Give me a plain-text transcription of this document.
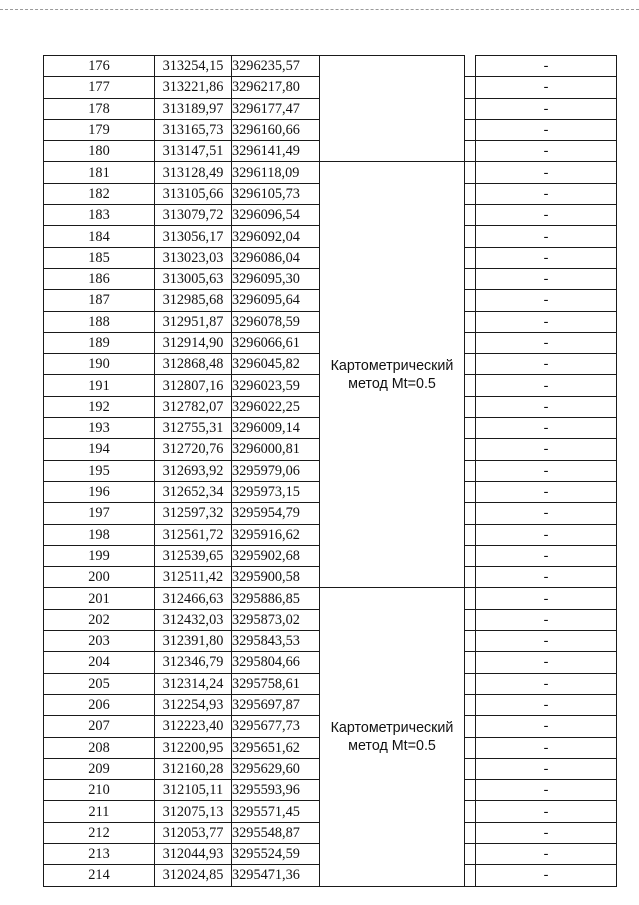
176	313254,15	3296235,57			-
177	313221,86	3296217,80			-
178	313189,97	3296177,47			-
179	313165,73	3296160,66			-
180	313147,51	3296141,49			-
181	313128,49	3296118,09	Картометрический
метод Mt=0.5		-
182	313105,66	3296105,73			-
183	313079,72	3296096,54			-
184	313056,17	3296092,04			-
185	313023,03	3296086,04			-
186	313005,63	3296095,30			-
187	312985,68	3296095,64			-
188	312951,87	3296078,59			-
189	312914,90	3296066,61			-
190	312868,48	3296045,82			-
191	312807,16	3296023,59			-
192	312782,07	3296022,25			-
193	312755,31	3296009,14			-
194	312720,76	3296000,81			-
195	312693,92	3295979,06			-
196	312652,34	3295973,15			-
197	312597,32	3295954,79			-
198	312561,72	3295916,62			-
199	312539,65	3295902,68			-
200	312511,42	3295900,58			-
201	312466,63	3295886,85	Картометрический
метод Mt=0.5		-
202	312432,03	3295873,02			-
203	312391,80	3295843,53			-
204	312346,79	3295804,66			-
205	312314,24	3295758,61			-
206	312254,93	3295697,87			-
207	312223,40	3295677,73			-
208	312200,95	3295651,62			-
209	312160,28	3295629,60			-
210	312105,11	3295593,96			-
211	312075,13	3295571,45			-
212	312053,77	3295548,87			-
213	312044,93	3295524,59			-
214	312024,85	3295471,36			-
